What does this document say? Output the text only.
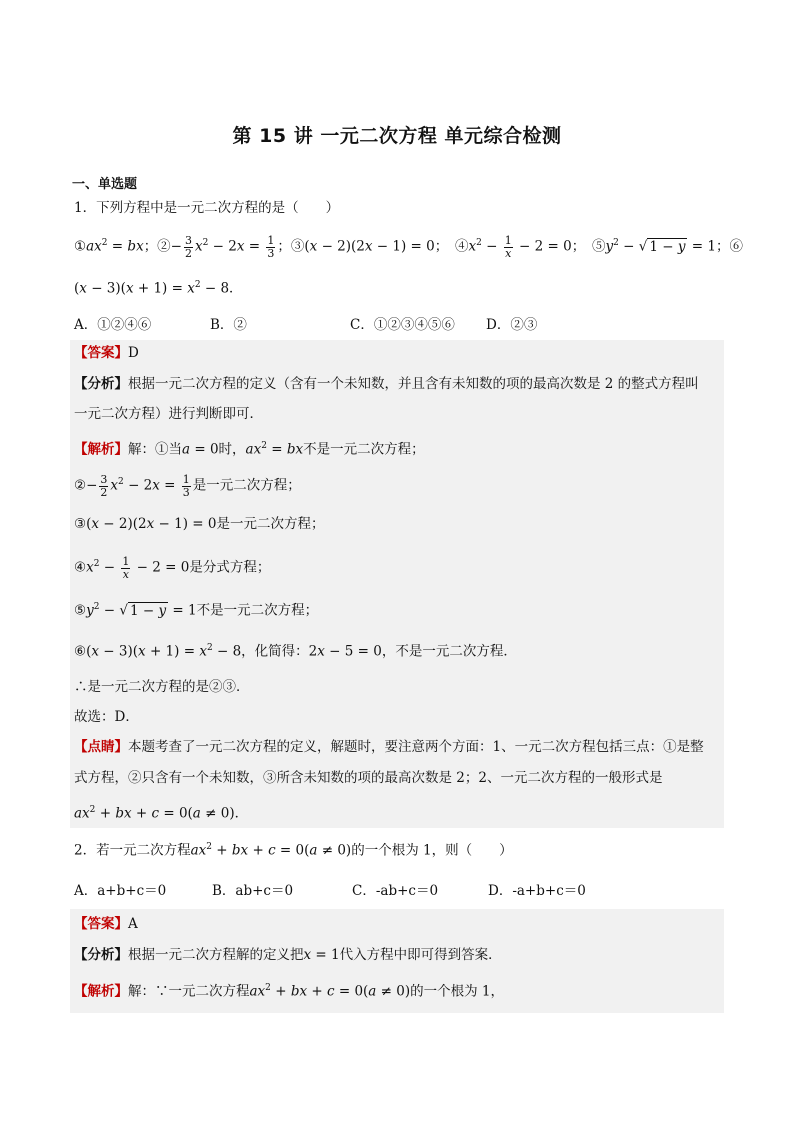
第 15 讲 一元二次方程 单元综合检测
一、单选题
1．下列方程中是一元二次方程的是（　　）
$①ax^2$ = bx；②− $\frac{3}{2} x^2 - 2x = \frac{1}{3}$ ；③(x − 2)(2x − 1) = 0；　$④x^2 - \frac{1}{x} - 2 = 0$；　$⑤y^2$ − √ 1 − y = 1；⑥
$(x - 3)(x + 1) = x^2 - 8$．
A．①②④⑥	B．②	C．①②③④⑤⑥ D．②③
【答案】D
【分析】根据一元二次方程的定义（含有一个未知数，并且含有未知数的项的最高次数是 2 的整式方程叫
一元二次方程）进行判断即可．
【解析】解：①当a = 0时，$ax^2$ = bx不是一元二次方程；
②− $\frac{3}{2} x^2 - 2x = \frac{1}{3}$ 是一元二次方程；
③(x − 2)(2x − 1) = 0是一元二次方程；
$④x^2 - \frac{1}{x} - 2 = 0$是分式方程；
$⑤y^2$ − √ 1 − y = 1不是一元二次方程；
⑥(x − $3)(x + 1) = x^2 - 8$，化简得：2x − 5 = 0，不是一元二次方程．
∴是一元二次方程的是②③．
故选：D．
【点睛】本题考查了一元二次方程的定义，解题时，要注意两个方面：1、一元二次方程包括三点：①是整
式方程，②只含有一个未知数，③所含未知数的项的最高次数是 2；2、一元二次方程的一般形式是
$ax^2$ + bx + c = 0(a ≠ 0)．
2．若一元二次方程$ax^2$ + bx + c = 0(a ≠ 0)的一个根为 1，则（　　）
A．a+b+c＝0	B．ab+c＝0	C．-ab+c＝0	D．-a+b+c＝0
【答案】A
【分析】根据一元二次方程解的定义把x = 1代入方程中即可得到答案．
【解析】解：∵一元二次方程$ax^2$ + bx + c = 0(a ≠ 0)的一个根为 1，
